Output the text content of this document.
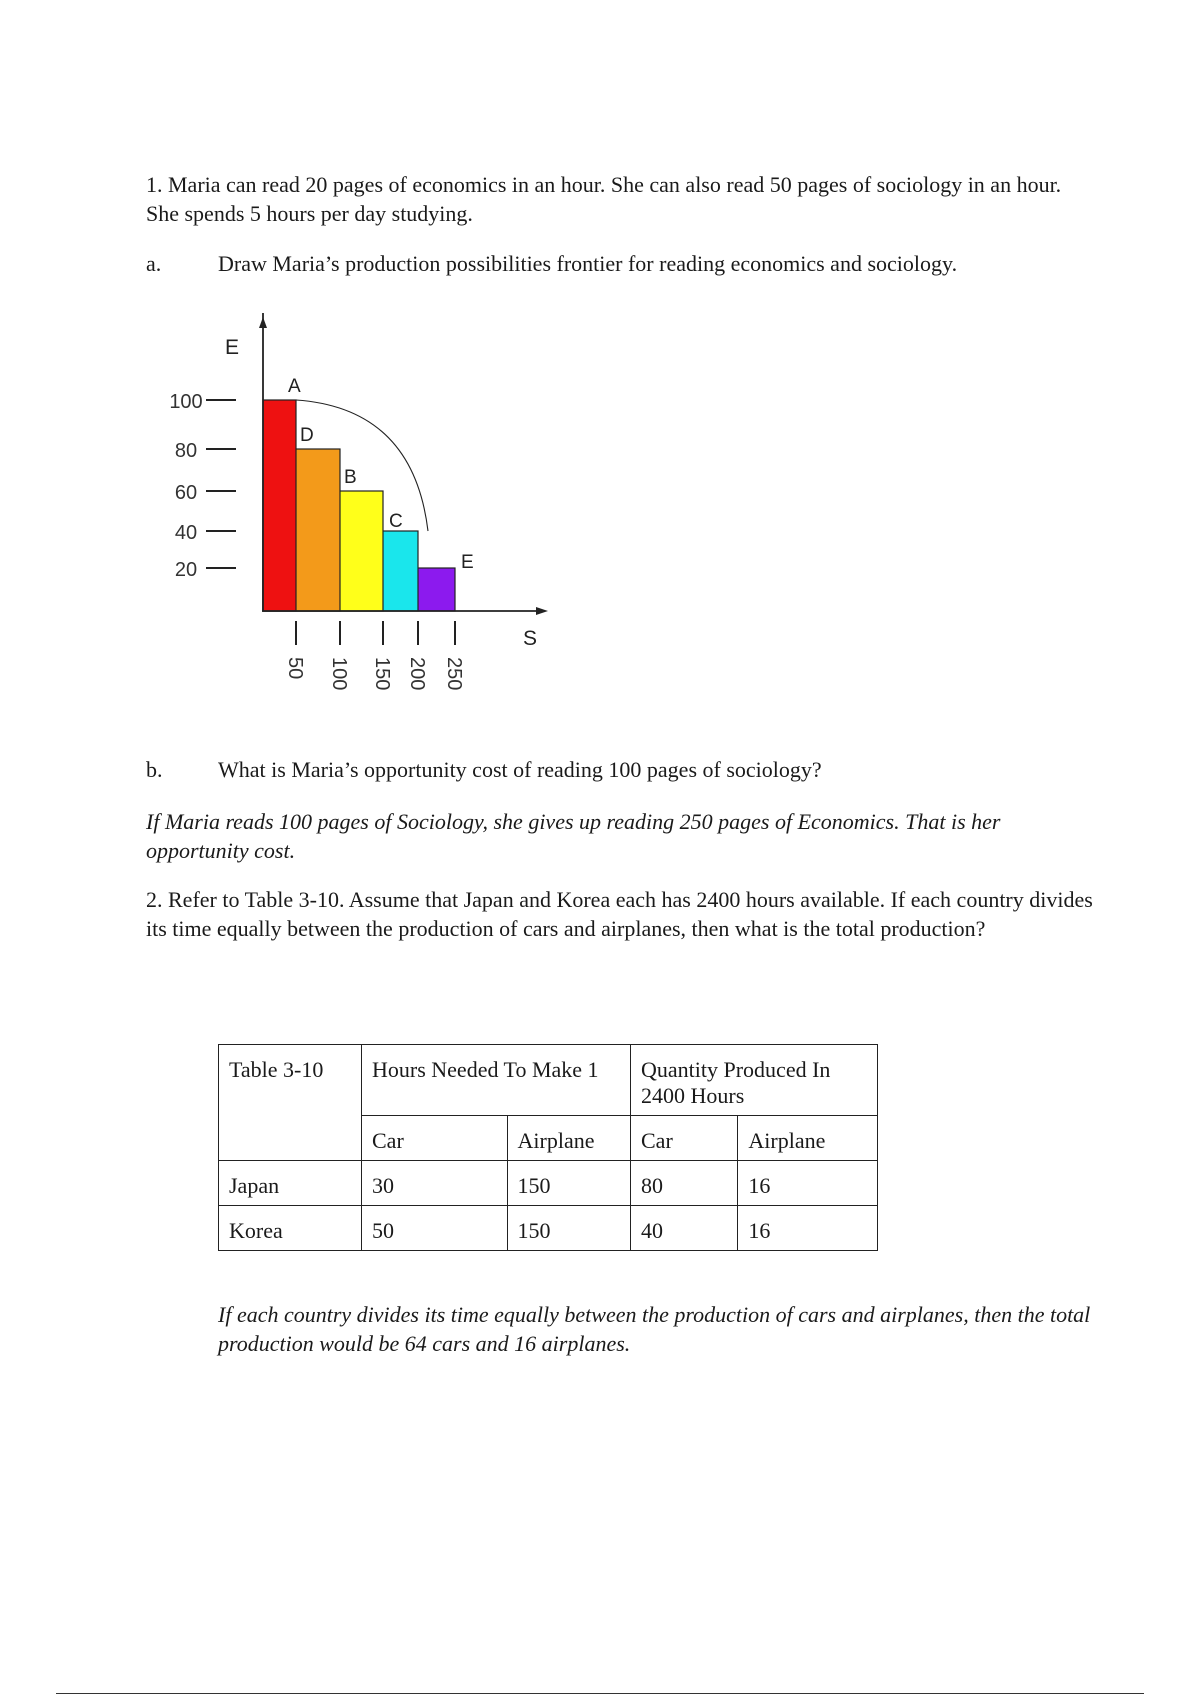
1. Maria can read 20 pages of economics in an hour. She can also read 50 pages of sociology in an hour. She spends 5 hours per day studying.

a.	Draw Maria’s production possibilities frontier for reading economics and sociology.
E
S
100
80
60
40
20
50 100 150 200 250
A
D
B
C
E
b.	What is Maria’s opportunity cost of reading 100 pages of sociology?

If Maria reads 100 pages of Sociology, she gives up reading 250 pages of Economics. That is her opportunity cost.

2. Refer to Table 3-10. Assume that Japan and Korea each has 2400 hours available. If each country divides its time equally between the production of cars and airplanes, then what is the total production?

Table 3-10	Hours Needed To Make 1		Quantity Produced In 2400 Hours	
	Car	Airplane	Car	Airplane
Japan	30	150	80	16
Korea	50	150	40	16

If each country divides its time equally between the production of cars and airplanes, then the total production would be 64 cars and 16 airplanes.
